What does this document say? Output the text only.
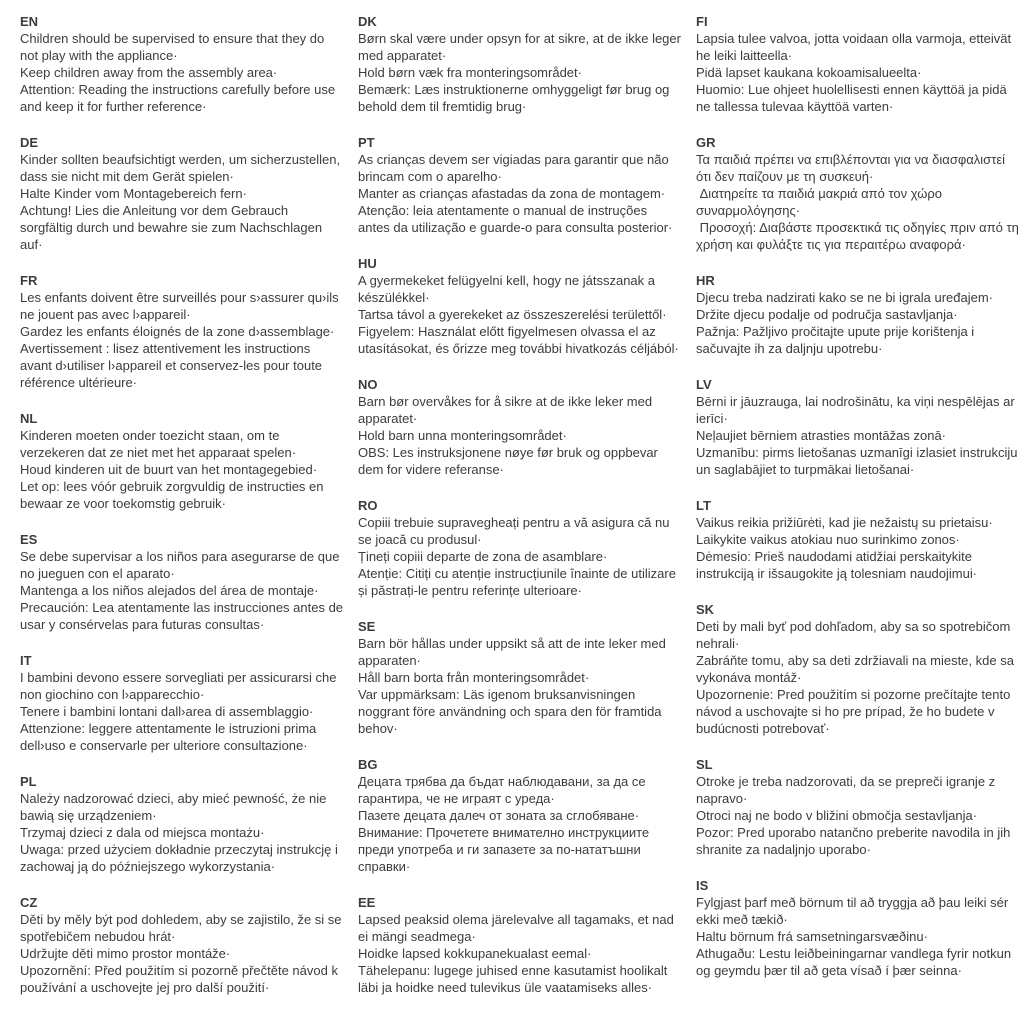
EN

Children should be supervised to ensure that they do not play with the appliance·

Keep children away from the assembly area·

Attention: Reading the instructions carefully before use and keep it for further reference·

DE

Kinder sollten beaufsichtigt werden, um sicherzustellen, dass sie nicht mit dem Gerät spielen·

Halte Kinder vom Montagebereich fern·

Achtung! Lies die Anleitung vor dem Gebrauch sorgfältig durch und bewahre sie zum Nachschlagen auf·

FR

Les enfants doivent être surveillés pour s›assurer qu›ils ne jouent pas avec l›appareil·

Gardez les enfants éloignés de la zone d›assemblage·

Avertissement : lisez attentivement les instructions avant d›utiliser l›appareil et conservez-les pour toute référence ultérieure·

NL

Kinderen moeten onder toezicht staan, om te verzekeren dat ze niet met het apparaat spelen·

Houd kinderen uit de buurt van het montagegebied·

Let op: lees vóór gebruik zorgvuldig de instructies en bewaar ze voor toekomstig gebruik·

ES

Se debe supervisar a los niños para asegurarse de que no jueguen con el aparato·

Mantenga a los niños alejados del área de montaje·

Precaución: Lea atentamente las instrucciones antes de usar y consérvelas para futuras consultas·

IT

I bambini devono essere sorvegliati per assicurarsi che non giochino con l›apparecchio·

Tenere i bambini lontani dall›area di assemblaggio·

Attenzione: leggere attentamente le istruzioni prima dell›uso e conservarle per ulteriore consultazione·

PL

Należy nadzorować dzieci, aby mieć pewność, że nie bawią się urządzeniem·

Trzymaj dzieci z dala od miejsca montażu·

Uwaga: przed użyciem dokładnie przeczytaj instrukcję i zachowaj ją do późniejszego wykorzystania·

CZ

Děti by měly být pod dohledem, aby se zajistilo, že si se spotřebičem nebudou hrát·

Udržujte děti mimo prostor montáže·

Upozornění: Před použitím si pozorně přečtěte návod k používání a uschovejte jej pro další použití·

DK

Børn skal være under opsyn for at sikre, at de ikke leger med apparatet·

Hold børn væk fra monteringsområdet·

Bemærk: Læs instruktionerne omhyggeligt før brug og behold dem til fremtidig brug·

PT

As crianças devem ser vigiadas para garantir que não brincam com o aparelho·

Manter as crianças afastadas da zona de montagem·

Atenção: leia atentamente o manual de instruções antes da utilização e guarde-o para consulta posterior·

HU

A gyermekeket felügyelni kell, hogy ne játsszanak a készülékkel·

Tartsa távol a gyerekeket az összeszerelési területtől·

Figyelem: Használat előtt figyelmesen olvassa el az utasításokat, és őrizze meg további hivatkozás céljából·

NO

Barn bør overvåkes for å sikre at de ikke leker med apparatet·

Hold barn unna monteringsområdet·

OBS: Les instruksjonene nøye før bruk og oppbevar dem for videre referanse·

RO

Copiii trebuie supravegheați pentru a vă asigura că nu se joacă cu produsul·

Țineți copiii departe de zona de asamblare·

Atenție: Citiți cu atenție instrucțiunile înainte de utilizare și păstrați-le pentru referințe ulterioare·

SE

Barn bör hållas under uppsikt så att de inte leker med apparaten·

Håll barn borta från monteringsområdet·

Var uppmärksam: Läs igenom bruksanvisningen noggrant före användning och spara den för framtida behov·

BG

Децата трябва да бъдат наблюдавани, за да се гарантира, че не играят с уреда·

Пазете децата далеч от зоната за сглобяване·

Внимание: Прочетете внимателно инструкциите преди употреба и ги запазете за по-нататъшни справки·

EE

Lapsed peaksid olema järelevalve all tagamaks, et nad ei mängi seadmega·

Hoidke lapsed kokkupanekualast eemal·

Tähelepanu: lugege juhised enne kasutamist hoolikalt läbi ja hoidke need tulevikus üle vaatamiseks alles·

FI

Lapsia tulee valvoa, jotta voidaan olla varmoja, etteivät he leiki laitteella·

Pidä lapset kaukana kokoamisalueelta·

Huomio: Lue ohjeet huolellisesti ennen käyttöä ja pidä ne tallessa tulevaa käyttöä varten·

GR

Τα παιδιά πρέπει να επιβλέπονται για να διασφαλιστεί ότι δεν παίζουν με τη συσκευή·

Διατηρείτε τα παιδιά μακριά από τον χώρο συναρμολόγησης·

Προσοχή: Διαβάστε προσεκτικά τις οδηγίες πριν από τη χρήση και φυλάξτε τις για περαιτέρω αναφορά·

HR

Djecu treba nadzirati kako se ne bi igrala uređajem·

Držite djecu podalje od područja sastavljanja·

Pažnja: Pažljivo pročitajte upute prije korištenja i sačuvajte ih za daljnju upotrebu·

LV

Bērni ir jāuzrauga, lai nodrošinātu, ka viņi nespēlējas ar ierīci·

Neļaujiet bērniem atrasties montāžas zonā·

Uzmanību: pirms lietošanas uzmanīgi izlasiet instrukciju un saglabājiet to turpmākai lietošanai·

LT

Vaikus reikia prižiūrėti, kad jie nežaistų su prietaisu·

Laikykite vaikus atokiau nuo surinkimo zonos·

Dėmesio: Prieš naudodami atidžiai perskaitykite instrukciją ir išsaugokite ją tolesniam naudojimui·

SK

Deti by mali byť pod dohľadom, aby sa so spotrebičom nehrali·

Zabráňte tomu, aby sa deti zdržiavali na mieste, kde sa vykonáva montáž·

Upozornenie: Pred použitím si pozorne prečítajte tento návod a uschovajte si ho pre prípad, že ho budete v budúcnosti potrebovať·

SL

Otroke je treba nadzorovati, da se prepreči igranje z napravo·

Otroci naj ne bodo v bližini območja sestavljanja·

Pozor: Pred uporabo natančno preberite navodila in jih shranite za nadaljnjo uporabo·

IS

Fylgjast þarf með börnum til að tryggja að þau leiki sér ekki með tækið·

Haltu börnum frá samsetningarsvæðinu·

Athugaðu: Lestu leiðbeiningarnar vandlega fyrir notkun og geymdu þær til að geta vísað í þær seinna·
